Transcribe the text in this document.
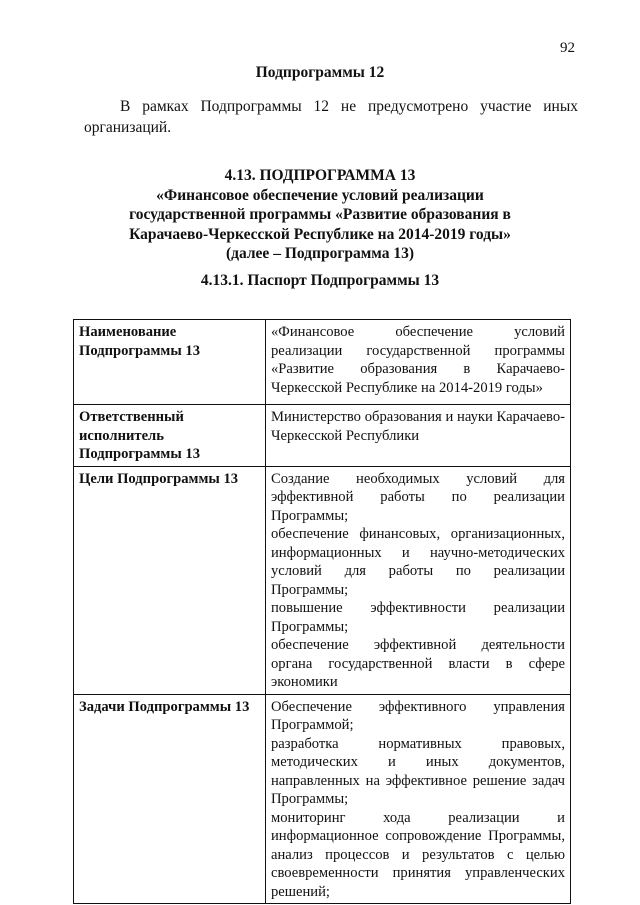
92
Подпрограммы 12
В рамках Подпрограммы 12 не предусмотрено участие иных организаций.
4.13. ПОДПРОГРАММА 13
«Финансовое обеспечение условий реализации
государственной программы «Развитие образования в
Карачаево-Черкесской Республике на 2014-2019 годы»
(далее – Подпрограмма 13)
4.13.1. Паспорт Подпрограммы 13
Наименование Подпрограммы 13	«Финансовое обеспечение условий реализации государственной программы «Развитие образования в Карачаево-Черкесской Республике на 2014-2019 годы»
Ответственный исполнитель Подпрограммы 13	Министерство образования и науки Карачаево-Черкесской Республики
Цели Подпрограммы 13	Создание необходимых условий для эффективной работы по реализации Программы;
обеспечение финансовых, организационных, информационных и научно-методических условий для работы по реализации Программы;
повышение эффективности реализации Программы;
обеспечение эффективной деятельности органа государственной власти в сфере экономики

Задачи Подпрограммы 13	Обеспечение эффективного управления Программой;
разработка нормативных правовых, методических и иных документов, направленных на эффективное решение задач Программы;
мониторинг хода реализации и информационное сопровождение Программы, анализ процессов и результатов с целью своевременности принятия управленческих решений;
